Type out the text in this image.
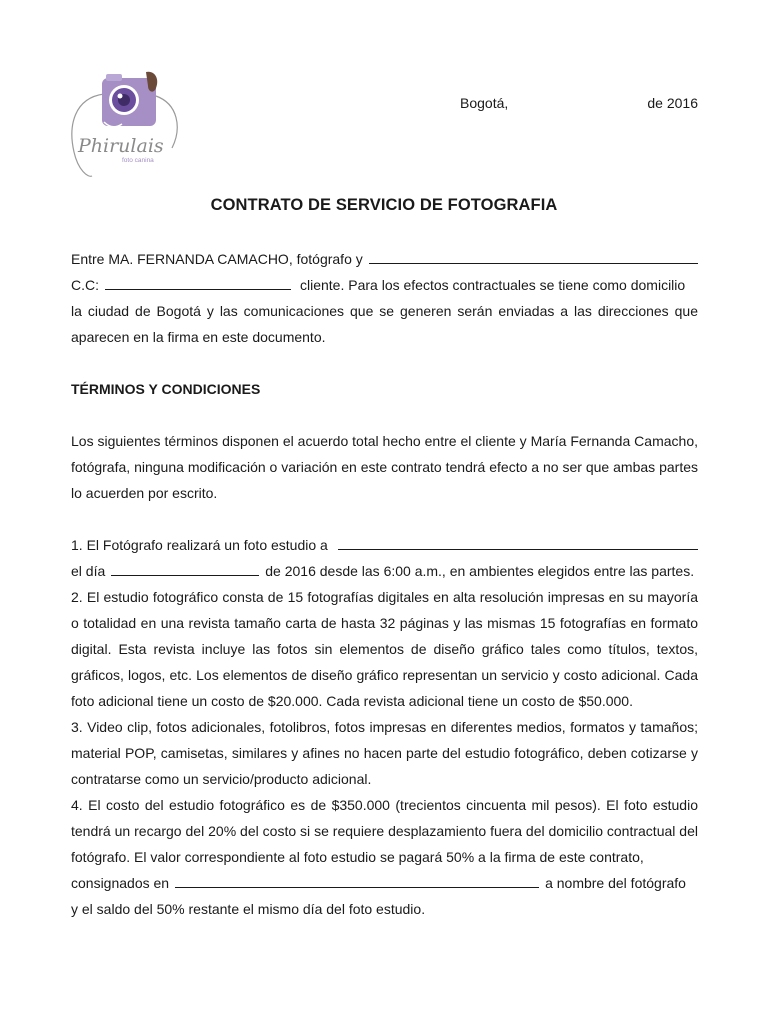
Phirulais
foto canina
Bogotá,	de 2016
CONTRATO DE SERVICIO DE FOTOGRAFIA
Entre MA. FERNANDA CAMACHO, fotógrafo y
C.C:	cliente. Para los efectos contractuales se tiene como domicilio

la ciudad de Bogotá y las comunicaciones que se generen serán enviadas a las direcciones que aparecen en la firma en este documento.

TÉRMINOS Y CONDICIONES

Los siguientes términos disponen el acuerdo total hecho entre el cliente y María Fernanda Camacho, fotógrafa, ninguna modificación o variación en este contrato tendrá efecto a no ser que ambas partes lo acuerden por escrito.

1. El Fotógrafo realizará un foto estudio a
el día	de 2016 desde las 6:00 a.m., en ambientes elegidos entre las partes.

2. El estudio fotográfico consta de 15 fotografías digitales en alta resolución impresas en su mayoría o totalidad en una revista tamaño carta de hasta 32 páginas y las mismas 15 fotografías en formato digital. Esta revista incluye las fotos sin elementos de diseño gráfico tales como títulos, textos, gráficos, logos, etc. Los elementos de diseño gráfico representan un servicio y costo adicional. Cada foto adicional tiene un costo de $20.000. Cada revista adicional tiene un costo de $50.000.

3. Video clip, fotos adicionales, fotolibros, fotos impresas en diferentes medios, formatos y tamaños; material POP, camisetas, similares y afines no hacen parte del estudio fotográfico, deben cotizarse y contratarse como un servicio/producto adicional.

4. El costo del estudio fotográfico es de $350.000 (trecientos cincuenta mil pesos). El foto estudio tendrá un recargo del 20% del costo si se requiere desplazamiento fuera del domicilio contractual del fotógrafo. El valor correspondiente al foto estudio se pagará 50% a la firma de este contrato,

consignados en	a nombre del fotógrafo

y el saldo del 50% restante el mismo día del foto estudio.
